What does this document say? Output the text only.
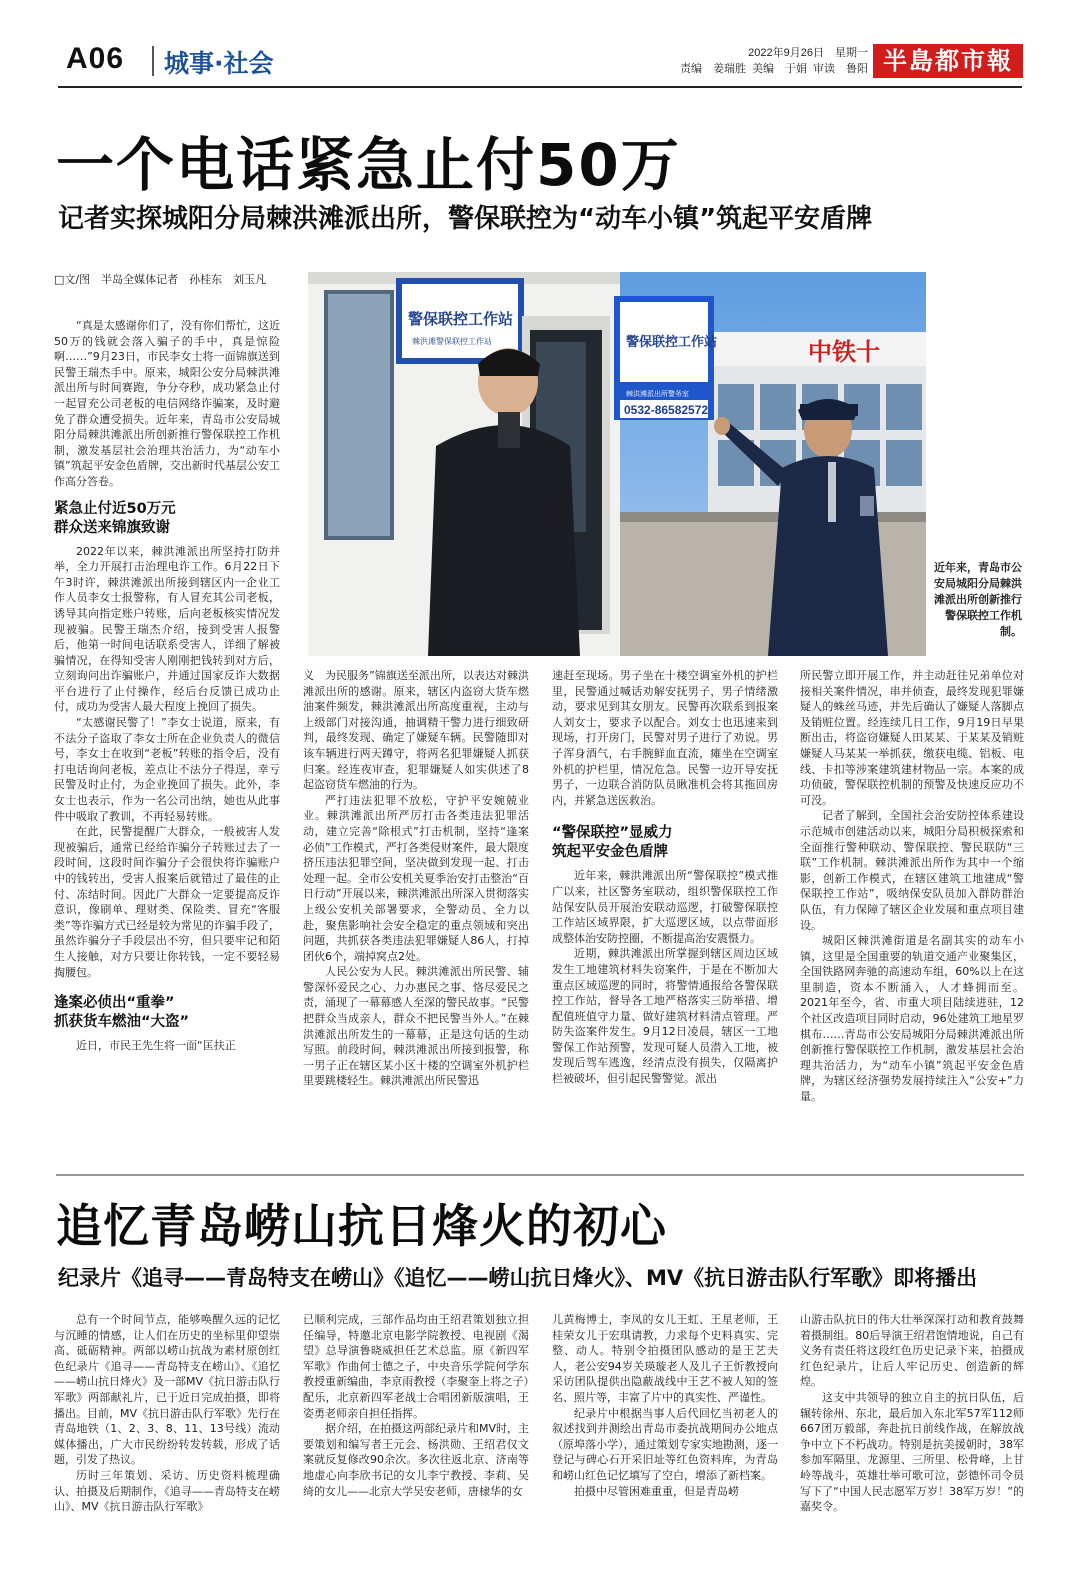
A06 城事·社会	2022年9月26日　星期一
责编　姜瑞胜 美编　于娟 审读　鲁阳 半島都市報
一个电话紧急止付50万
记者实探城阳分局棘洪滩派出所，警保联控为“动车小镇”筑起平安盾牌
□文/图　半岛全媒体记者　孙桂东　刘玉凡

“真是太感谢你们了，没有你们帮忙，这近50万的钱就会落入骗子的手中，真是惊险啊……”9月23日，市民李女士将一面锦旗送到民警王瑞杰手中。原来，城阳公安分局棘洪滩派出所与时间赛跑，争分夺秒，成功紧急止付一起冒充公司老板的电信网络诈骗案，及时避免了群众遭受损失。近年来，青岛市公安局城阳分局棘洪滩派出所创新推行警保联控工作机制，激发基层社会治理共治活力，为“动车小镇”筑起平安金色盾牌，交出新时代基层公安工作高分答卷。

紧急止付近50万元
群众送来锦旗致谢

2022年以来，棘洪滩派出所坚持打防并举，全力开展打击治理电诈工作。6月22日下午3时许，棘洪滩派出所接到辖区内一企业工作人员李女士报警称，有人冒充其公司老板，诱导其向指定账户转账，后向老板核实情况发现被骗。民警王瑞杰介绍，接到受害人报警后，他第一时间电话联系受害人，详细了解被骗情况，在得知受害人刚刚把钱转到对方后，立刻询问出诈骗账户，并通过国家反诈大数据平台进行了止付操作，经后台反馈已成功止付，成功为受害人最大程度上挽回了损失。

“太感谢民警了！”李女士说道，原来，有不法分子盗取了李女士所在企业负责人的微信号，李女士在收到“老板”转账的指令后，没有打电话询问老板，差点让不法分子得逞，幸亏民警及时止付，为企业挽回了损失。此外，李女士也表示，作为一名公司出纳，她也从此事件中吸取了教训，不再轻易转账。

在此，民警提醒广大群众，一般被害人发现被骗后，通常已经给诈骗分子转账过去了一段时间，这段时间诈骗分子会很快将诈骗账户中的钱转出，受害人报案后就错过了最佳的止付、冻结时间。因此广大群众一定要提高反诈意识，像刷单、理财类、保险类、冒充“客服类”等诈骗方式已经是较为常见的诈骗手段了，虽然诈骗分子手段层出不穷，但只要牢记和陌生人接触，对方只要让你转钱，一定不要轻易掏腰包。

逢案必侦出“重拳”
抓获货车燃油“大盗”

近日，市民王先生将一面“匡扶正

中铁十
警保联控工作站
棘洪滩警保联控工作站	警保联控工作站
棘洪滩派出所警务室
0532-86582572
近年来，青岛市公安局城阳分局棘洪滩派出所创新推行警保联控工作机制。

义　为民服务”锦旗送至派出所，以表达对棘洪滩派出所的感谢。原来，辖区内盗窃大货车燃油案件频发，棘洪滩派出所高度重视，主动与上级部门对接沟通，抽调精干警力进行细致研判，最终发现、确定了嫌疑车辆。民警随即对该车辆进行两天蹲守，将两名犯罪嫌疑人抓获归案。经连夜审查，犯罪嫌疑人如实供述了8起盗窃货车燃油的行为。

严打违法犯罪不放松，守护平安婉兢业业。棘洪滩派出所严厉打击各类违法犯罪活动，建立完善“除根式”打击机制，坚持“逢案必侦”工作模式，严打各类侵财案件，最大限度挤压违法犯罪空间，坚决做到发现一起、打击处理一起。全市公安机关夏季治安打击整治“百日行动”开展以来，棘洪滩派出所深入贯彻落实上级公安机关部署要求，全警动员、全力以赴，聚焦影响社会安全稳定的重点领域和突出问题，共抓获各类违法犯罪嫌疑人86人，打掉团伙6个，端掉窝点2处。

人民公安为人民。棘洪滩派出所民警、辅警深怀爱民之心、力办惠民之事、恪尽爱民之责，涌现了一幕幕感人至深的警民故事。“民警把群众当成亲人，群众不把民警当外人。”在棘洪滩派出所发生的一幕幕，正是这句话的生动写照。前段时间，棘洪滩派出所接到报警，称一男子正在辖区某小区十楼的空调室外机护栏里要跳楼轻生。棘洪滩派出所民警迅

速赶至现场。男子坐在十楼空调室外机的护栏里，民警通过喊话劝解安抚男子，男子情绪激动，要求见到其女朋友。民警再次联系到报案人刘女士，要求予以配合。刘女士也迅速来到现场，打开房门，民警对男子进行了劝说。男子浑身酒气，右手腕鲜血直流，瘫坐在空调室外机的护栏里，情况危急。民警一边开导安抚男子，一边联合消防队员瞅准机会将其拖回房内，并紧急送医救治。

“警保联控”显威力
筑起平安金色盾牌

近年来，棘洪滩派出所“警保联控”模式推广以来，社区警务室联动，组织警保联控工作站保安队员开展治安联动巡逻，打破警保联控工作站区域界限，扩大巡逻区域，以点带面形成整体治安防控圈，不断提高治安震慑力。

近期，棘洪滩派出所掌握到辖区周边区域发生工地建筑材料失窃案件，于是在不断加大重点区域巡逻的同时，将警情通报给各警保联控工作站，督导各工地严格落实三防举措、增配值班值守力量、做好建筑材料清点管理。严防失盗案件发生。9月12日凌晨，辖区一工地警保工作站预警，发现可疑人员潜入工地，被发现后驾车逃逸，经清点没有损失，仅隔离护栏被破坏，但引起民警警觉。派出

所民警立即开展工作，并主动赶往兄弟单位对接相关案件情况，串并侦查，最终发现犯罪嫌疑人的蛛丝马迹，并先后确认了嫌疑人落脚点及销赃位置。经连续几日工作，9月19日早果断出击，将盗窃嫌疑人田某某、于某某及销赃嫌疑人马某某一举抓获，缴获电缆、铝板、电线、卡扣等涉案建筑建材物品一宗。本案的成功侦破，警保联控机制的预警及快速反应功不可没。

记者了解到，全国社会治安防控体系建设示范城市创建活动以来，城阳分局积极探索和全面推行警种联动、警保联控、警民联防“三联”工作机制。棘洪滩派出所作为其中一个缩影，创新工作模式，在辖区建筑工地建成“警保联控工作站”，吸纳保安队员加入群防群治队伍，有力保障了辖区企业发展和重点项目建设。

城阳区棘洪滩街道是名副其实的动车小镇，这里是全国重要的轨道交通产业聚集区，全国铁路网奔驰的高速动车组，60%以上在这里制造，资本不断涌入，人才蜂拥而至。2021年至今，省、市重大项目陆续进驻，12个社区改造项目同时启动，96处建筑工地星罗棋布……青岛市公安局城阳分局棘洪滩派出所创新推行警保联控工作机制，激发基层社会治理共治活力，为“动车小镇”筑起平安金色盾牌，为辖区经济强势发展持续注入“公安+”力量。

追忆青岛崂山抗日烽火的初心
纪录片《追寻——青岛特支在崂山》《追忆——崂山抗日烽火》、MV《抗日游击队行军歌》即将播出

总有一个时间节点，能够唤醒久远的记忆与沉睡的情感，让人们在历史的坐标里仰望崇高、砥砺精神。两部以崂山抗战为素材原创红色纪录片《追寻——青岛特支在崂山》、《追忆——崂山抗日烽火》及一部MV《抗日游击队行军歌》两部献礼片，已于近日完成拍摄，即将播出。目前，MV《抗日游击队行军歌》先行在青岛地铁（1、2、3、8、11、13号线）流动媒体播出，广大市民纷纷转发转载，形成了话题，引发了热议。

历时三年策划、采访、历史资料梳理确认、拍摄及后期制作，《追寻——青岛特支在崂山》、MV《抗日游击队行军歌》

已顺利完成，三部作品均由王绍君策划独立担任编导，特邀北京电影学院教授、电视剧《渴望》总导演鲁晓威担任艺术总监。原《新四军军歌》作曲何士德之子，中央音乐学院何学东教授重新编曲，李京雨教授（李聚奎上将之子）配乐，北京新四军老战士合唱团新版演唱，王姿勇老师亲自担任指挥。

据介绍，在拍摄这两部纪录片和MV时，主要策划和编写者王元会、杨洪勋、王绍君仅文案就反复修改90余次。多次往返北京、济南等地虚心向李欣书记的女儿李宁教授、李莉、吴绮的女儿——北京大学吴安老师，唐棣华的女

儿黄梅博士，李凤的女儿王虹、王星老师，王桂荣女儿于宏琪请教，力求每个史料真实、完整、动人。特别令拍摄团队感动的是王艺夫人，老公安94岁关瑛璇老人及儿子王忻教授向采访团队提供出隐蔽战线中王艺不被人知的签名、照片等，丰富了片中的真实性、严谨性。

纪录片中根据当事人后代回忆当初老人的叙述找到并测绘出青岛市委抗战期间办公地点（原埠落小学），通过策划专家实地勘测，逐一登记与碑心石开采旧址等红色资料库，为青岛和崂山红色记忆填写了空白，增添了新档案。

拍摄中尽管困难重重，但是青岛崂

山游击队抗日的伟大壮举深深打动和教育鼓舞着摄制组。80后导演王绍君饱情地说，自己有义务有责任将这段红色历史记录下来，拍摄成红色纪录片，让后人牢记历史、创造新的辉煌。

这支中共领导的独立自主的抗日队伍，后辗转徐州、东北，最后加入东北军57军112师667团万毅部，奔赴抗日前线作战，在解放战争中立下不朽战功。特别是抗美援朝时，38军参加军隔里、龙源里、三所里、松骨峰，上甘岭等战斗，英雄壮举可歌可泣，彭德怀司令员写下了“中国人民志愿军万岁！38军万岁！”的嘉奖令。
